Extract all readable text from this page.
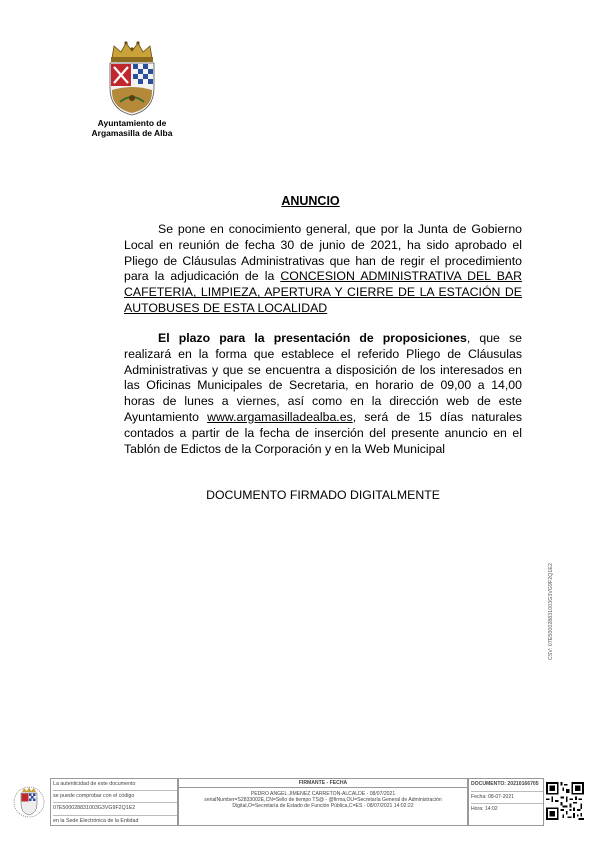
Ayuntamiento de
Argamasilla de Alba
ANUNCIO
Se pone en conocimiento general, que por la Junta de Gobierno Local en reunión de fecha 30 de junio de 2021, ha sido aprobado el Pliego de Cláusulas Administrativas que han de regir el procedimiento para la adjudicación de la CONCESION ADMINISTRATIVA DEL BAR CAFETERIA, LIMPIEZA, APERTURA Y CIERRE DE LA ESTACIÓN DE AUTOBUSES DE ESTA LOCALIDAD
El plazo para la presentación de proposiciones, que se realizará en la forma que establece el referido Pliego de Cláusulas Administrativas y que se encuentra a disposición de los interesados en las Oficinas Municipales de Secretaria, en horario de 09,00 a 14,00 horas de lunes a viernes, así como en la dirección web de este Ayuntamiento www.argamasilladealba.es, será de 15 días naturales contados a partir de la fecha de inserción del presente anuncio en el Tablón de Edictos de la Corporación y en la Web Municipal
DOCUMENTO FIRMADO DIGITALMENTE
CSV: 07E500028831003G3VG9F2Q1E2
La autenticidad de este documento
se puede comprobar con el código
07E500028831003G3VG9F2Q1E2
en la Sede Electrónica de la Entidad
FIRMANTE - FECHA
PEDRO ANGEL JIMENEZ CARRETON-ALCALDE - 08/07/2021
serialNumber=S2833002E,CN=Sello de tiempo TS@ - @firma,OU=Secretaría General de Administración
Digital,O=Secretaría de Estado de Función Pública,C=ES - 08/07/2021 14:02:22
DOCUMENTO: 20210166705
Fecha: 08-07-2021
Hora: 14:02
